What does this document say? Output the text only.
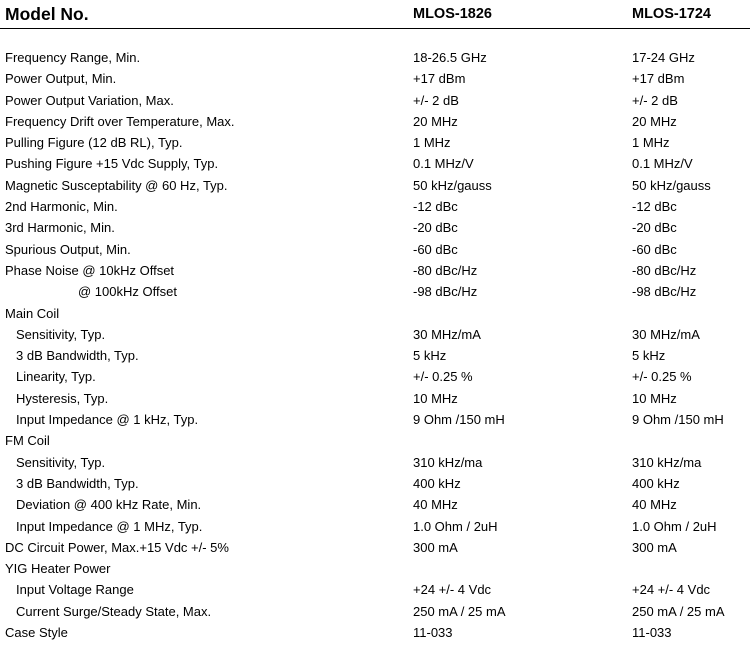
Model No.	MLOS-1826	MLOS-1724
Frequency Range, Min.	18-26.5 GHz	17-24 GHz
Power Output, Min.	+17 dBm	+17 dBm
Power Output Variation, Max.	+/- 2 dB	+/- 2 dB
Frequency Drift over Temperature, Max.	20 MHz	20 MHz
Pulling Figure (12 dB RL), Typ.	1 MHz	1 MHz
Pushing Figure +15 Vdc Supply, Typ.	0.1 MHz/V	0.1 MHz/V
Magnetic Susceptability @ 60 Hz, Typ.	50 kHz/gauss	50 kHz/gauss
2nd Harmonic, Min.	-12 dBc	-12 dBc
3rd Harmonic, Min.	-20 dBc	-20 dBc
Spurious Output, Min.	-60 dBc	-60 dBc
Phase Noise @ 10kHz Offset	-80 dBc/Hz	-80 dBc/Hz
@ 100kHz Offset	-98 dBc/Hz	-98 dBc/Hz
Main Coil
Sensitivity, Typ.	30 MHz/mA	30 MHz/mA
3 dB Bandwidth, Typ.	5 kHz	5 kHz
Linearity, Typ.	+/- 0.25 %	+/- 0.25 %
Hysteresis, Typ.	10 MHz	10 MHz
Input Impedance @ 1 kHz, Typ.	9 Ohm /150 mH	9 Ohm /150 mH
FM Coil
Sensitivity, Typ.	310 kHz/ma	310 kHz/ma
3 dB Bandwidth, Typ.	400 kHz	400 kHz
Deviation @ 400 kHz Rate, Min.	40 MHz	40 MHz
Input Impedance @ 1 MHz, Typ.	1.0 Ohm / 2uH	1.0 Ohm / 2uH
DC Circuit Power, Max.+15 Vdc +/- 5%	300 mA	300 mA
YIG Heater Power
Input Voltage Range	+24 +/- 4 Vdc	+24 +/- 4 Vdc
Current Surge/Steady State, Max.	250 mA / 25 mA	250 mA / 25 mA
Case Style	11-033	11-033
